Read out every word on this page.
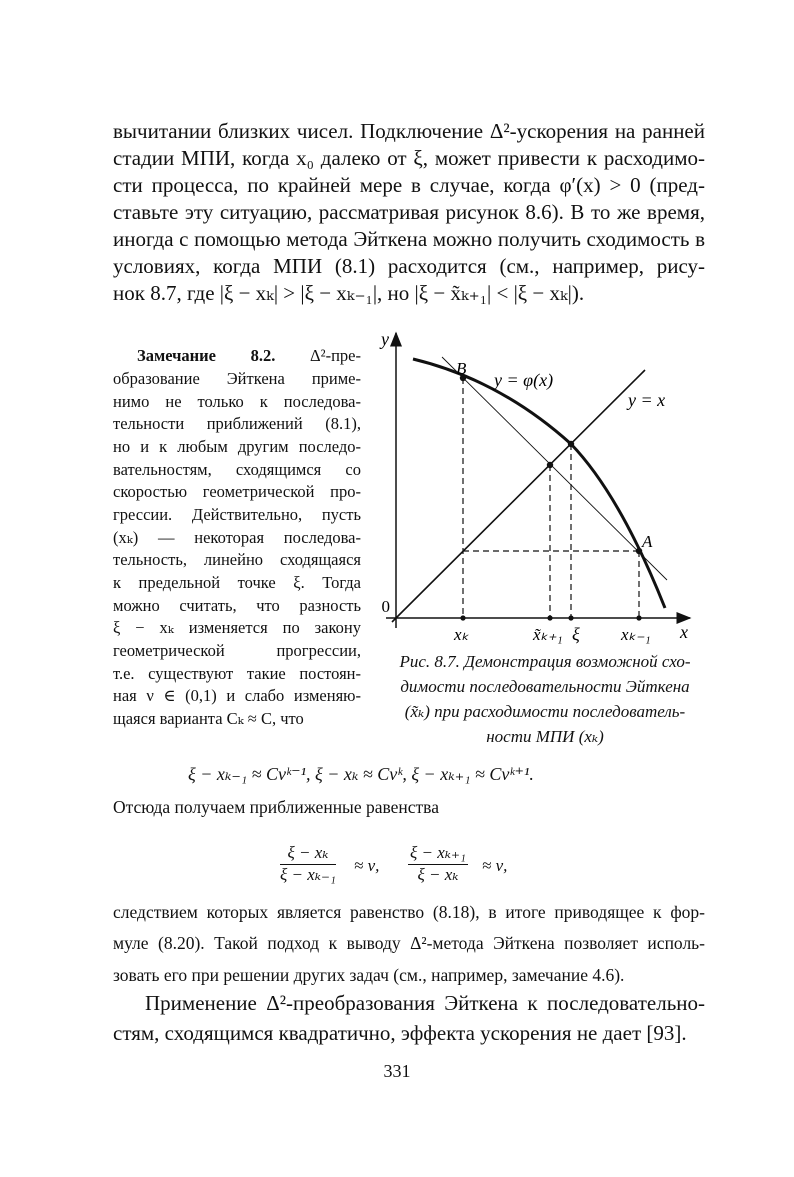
вычитании близких чисел. Подключение Δ²-ускорения на ранней
стадии МПИ, когда x₀ далеко от ξ, может привести к расходимо-
сти процесса, по крайней мере в случае, когда φ′(x) > 0 (пред-
ставьте эту ситуацию, рассматривая рисунок 8.6). В то же время,
иногда с помощью метода Эйткена можно получить сходимость в
условиях, когда МПИ (8.1) расходится (см., например, рису-
нок 8.7, где |ξ − xₖ| > |ξ − xₖ₋₁|, но |ξ − x̃ₖ₊₁| < |ξ − xₖ|).
Замечание 8.2. Δ²-пре-
образование Эйткена приме-
нимо не только к последова-
тельности приближений (8.1),
но и к любым другим последо-
вательностям, сходящимся со
скоростью геометрической про-
грессии. Действительно, пусть
(xₖ) — некоторая последова-
тельность, линейно сходящаяся
к предельной точке ξ. Тогда
можно считать, что разность
ξ − xₖ изменяется по закону
геометрической прогрессии,
т.е. существуют такие постоян-
ная ν ∈ (0,1) и слабо изменяю-
щаяся варианта Cₖ ≈ C, что
y
x
0
B
A
y = φ(x)
y = x
xₖ	x̃ₖ₊₁ ξ xₖ₋₁
Рис. 8.7. Демонстрация возможной схо-
димости последовательности Эйткена
(x̃ₖ) при расходимости последователь-
ности МПИ (xₖ)
ξ − xₖ₋₁ ≈ Cνᵏ⁻¹, ξ − xₖ ≈ Cνᵏ, ξ − xₖ₊₁ ≈ Cνᵏ⁺¹.
Отсюда получаем приближенные равенства
$\frac{\text{ξ − xₖ}}{\text{ξ − xₖ₋₁}} \approx \nu$, $\frac{\text{ξ − xₖ₊₁}}{\text{ξ − xₖ}} \approx \nu$,
следствием которых является равенство (8.18), в итоге приводящее к фор-
муле (8.20). Такой подход к выводу Δ²-метода Эйткена позволяет исполь-
зовать его при решении других задач (см., например, замечание 4.6).
Применение Δ²-преобразования Эйткена к последовательно-
стям, сходящимся квадратично, эффекта ускорения не дает [93].
331
